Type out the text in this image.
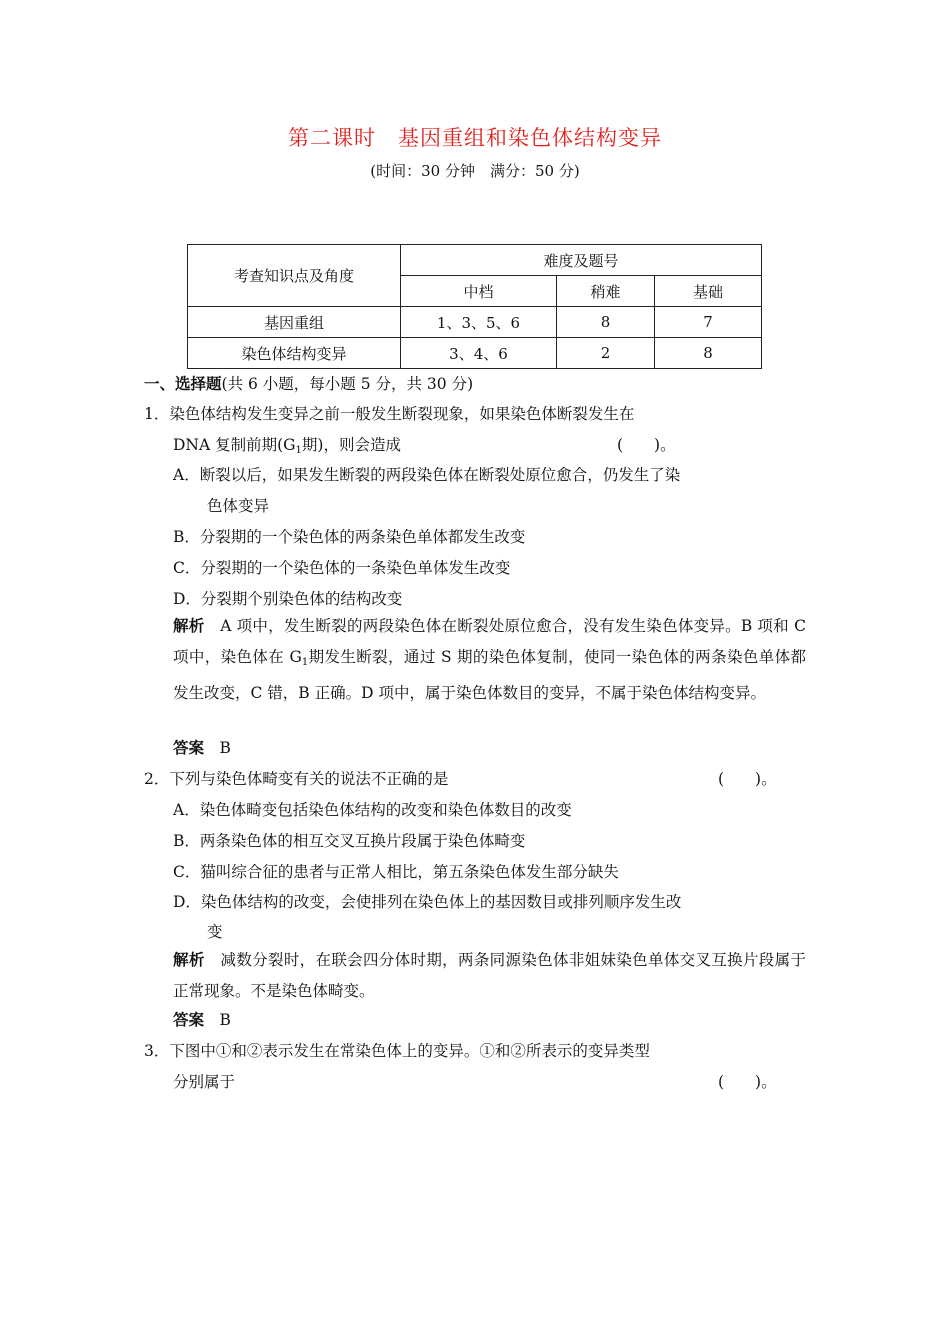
第二课时　基因重组和染色体结构变异
(时间：30 分钟　满分：50 分)
考查知识点及角度	难度及题号		
	中档	稍难	基础
基因重组	1、3、5、6	8	7
染色体结构变异	3、4、6	2	8
一、选择题(共 6 小题，每小题 5 分，共 30 分)
1．染色体结构发生变异之前一般发生断裂现象，如果染色体断裂发生在
DNA 复制前期($G_1$期)，则会造成	(　　)。
A．断裂以后，如果发生断裂的两段染色体在断裂处原位愈合，仍发生了染
色体变异
B．分裂期的一个染色体的两条染色单体都发生改变
C．分裂期的一个染色体的一条染色单体发生改变
D．分裂期个别染色体的结构改变
解析　 A 项中，发生断裂的两段染色体在断裂处原位愈合，没有发生染色体变异。B 项和 C 项中，染色体在 $G_1$期发生断裂，通过 S 期的染色体复制，使同一染色体的两条染色单体都发生改变，C 错，B 正确。D 项中，属于染色体数目的变异，不属于染色体结构变异。
答案　 B
2．下列与染色体畸变有关的说法不正确的是	(　　)。
A．染色体畸变包括染色体结构的改变和染色体数目的改变
B．两条染色体的相互交叉互换片段属于染色体畸变
C．猫叫综合征的患者与正常人相比，第五条染色体发生部分缺失
D．染色体结构的改变，会使排列在染色体上的基因数目或排列顺序发生改
变
解析　 减数分裂时，在联会四分体时期，两条同源染色体非姐妹染色单体交叉互换片段属于正常现象。不是染色体畸变。
答案　 B
3．下图中①和②表示发生在常染色体上的变异。①和②所表示的变异类型
分别属于	(　　)。
